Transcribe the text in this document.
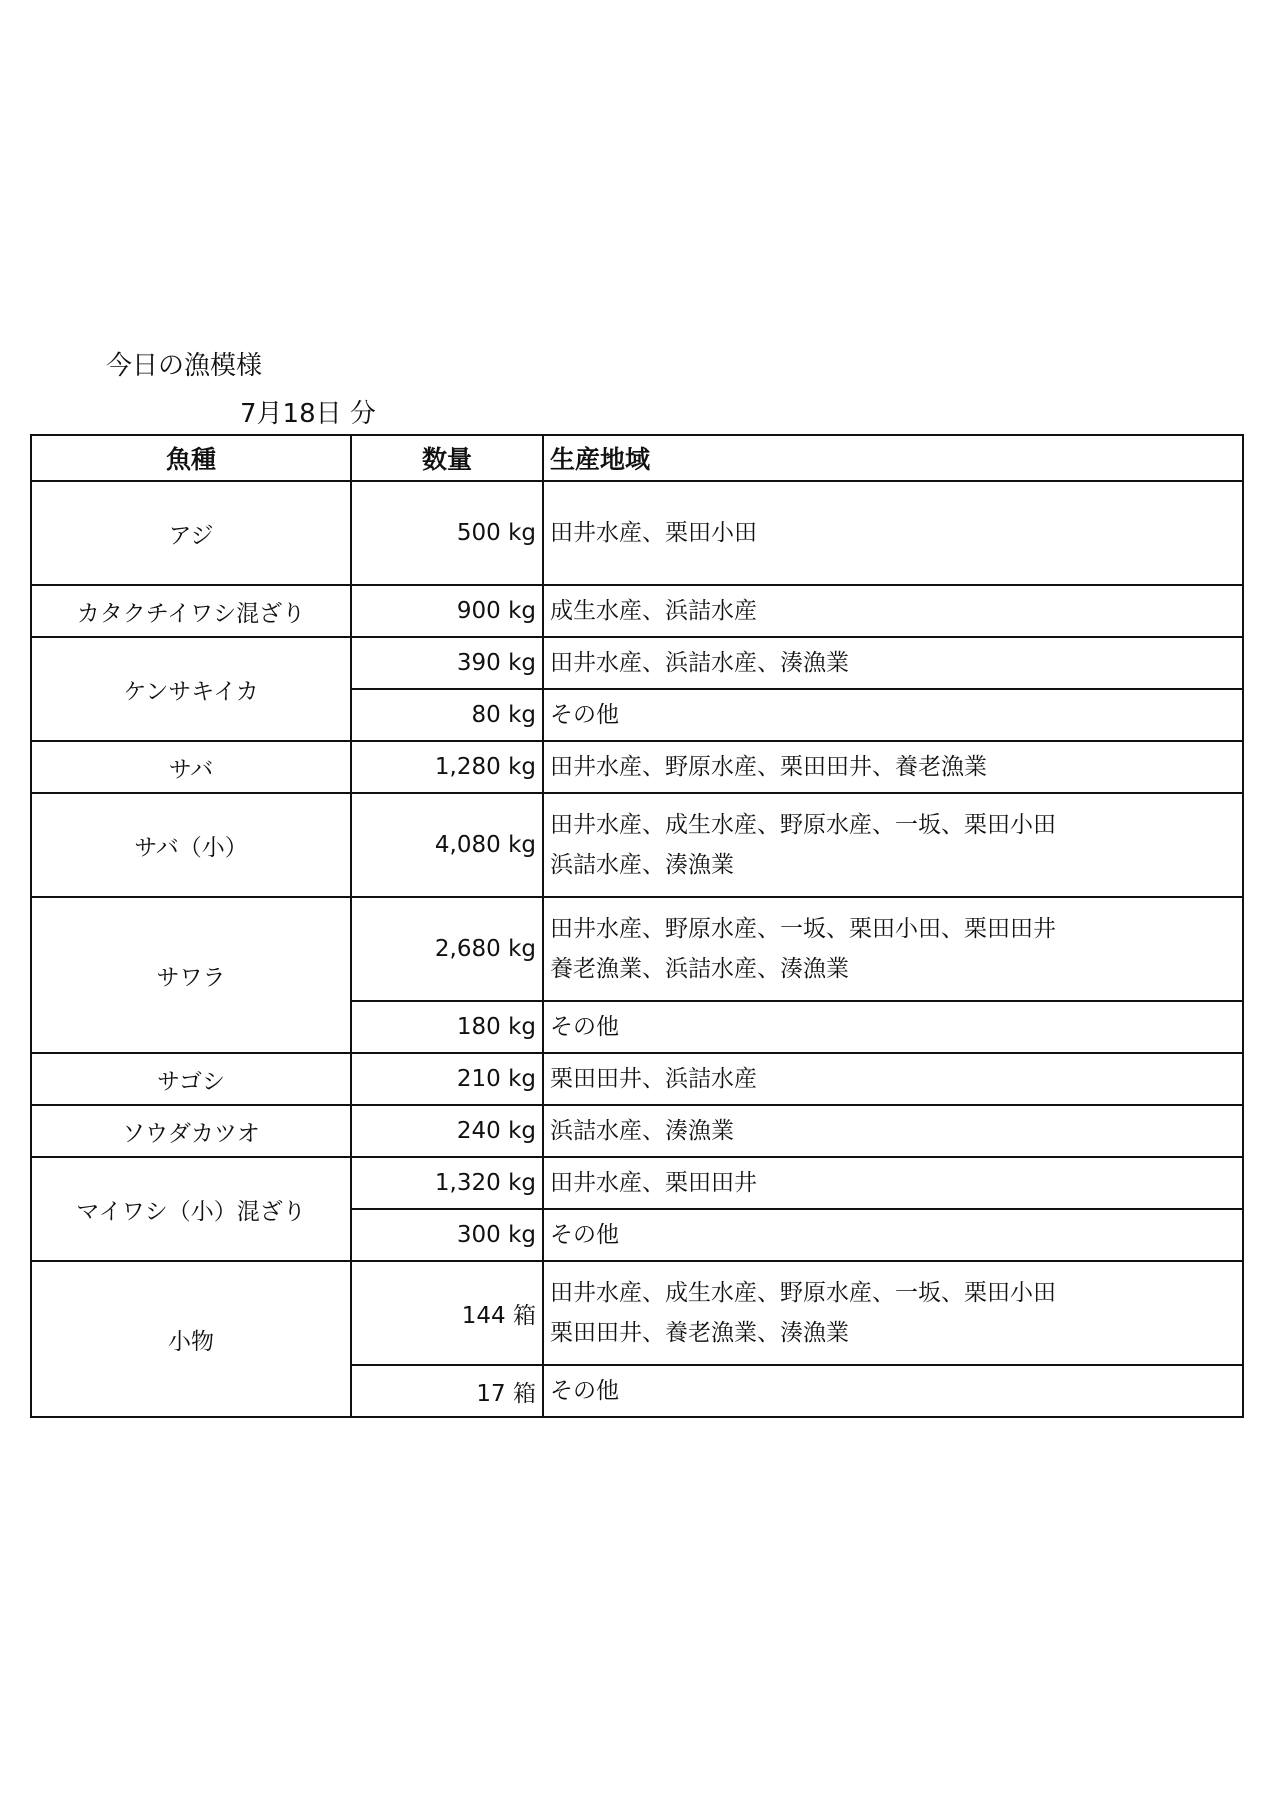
今日の漁模様
7月18日 分
魚種	数量	生産地域
アジ	500 kg	田井水産、栗田小田

カタクチイワシ混ざり	900 kg	成生水産、浜詰水産

ケンサキイカ	390 kg	田井水産、浜詰水産、湊漁業

	80 kg	その他

サバ	1,280 kg	田井水産、野原水産、栗田田井、養老漁業

サバ（小）	4,080 kg	田井水産、成生水産、野原水産、一坂、栗田小田
浜詰水産、湊漁業

サワラ	2,680 kg	田井水産、野原水産、一坂、栗田小田、栗田田井
養老漁業、浜詰水産、湊漁業

	180 kg	その他

サゴシ	210 kg	栗田田井、浜詰水産

ソウダカツオ	240 kg	浜詰水産、湊漁業

マイワシ（小）混ざり	1,320 kg	田井水産、栗田田井

	300 kg	その他

小物	144 箱	田井水産、成生水産、野原水産、一坂、栗田小田
栗田田井、養老漁業、湊漁業

	17 箱	その他
